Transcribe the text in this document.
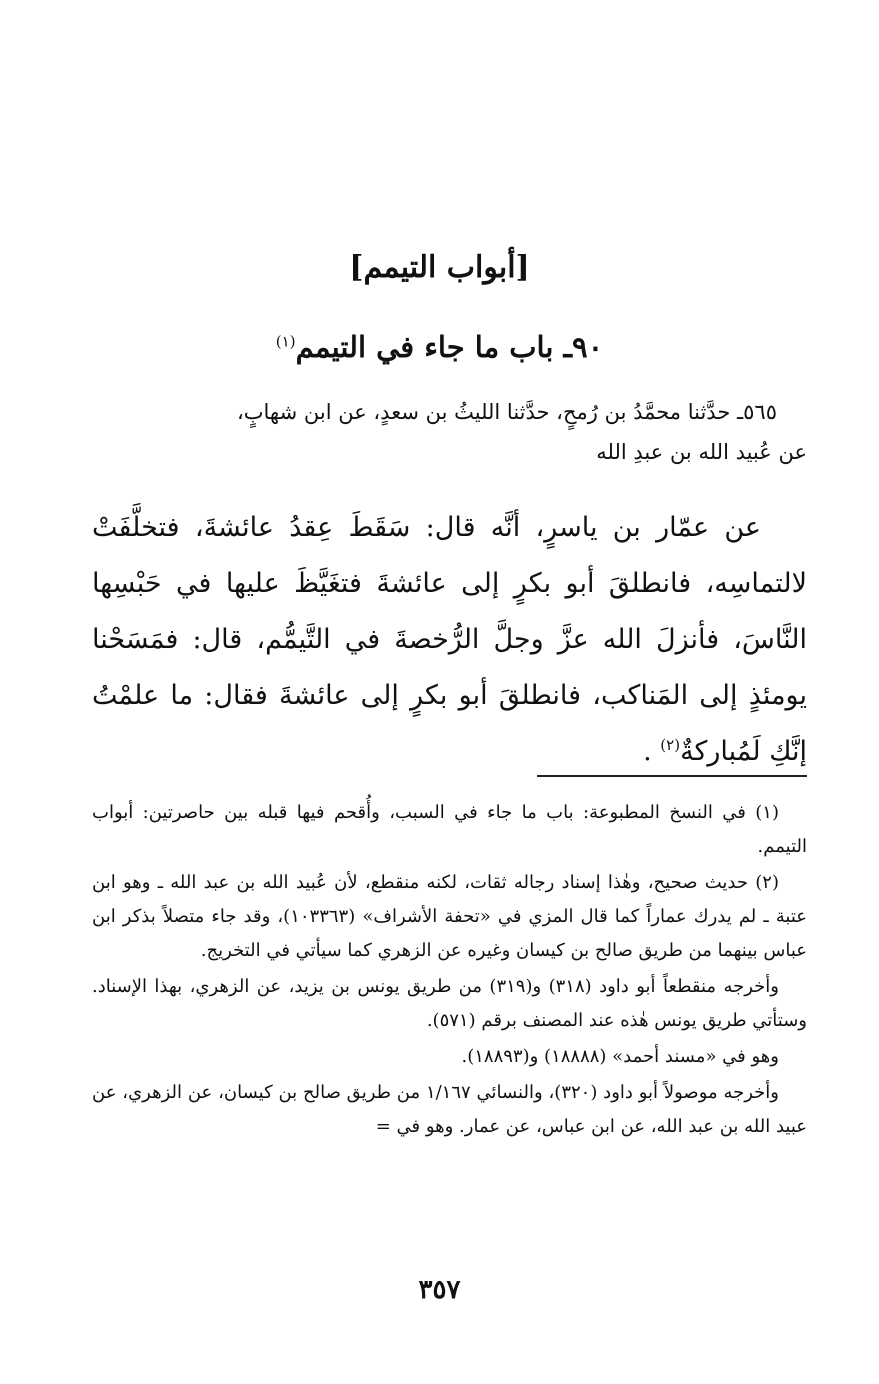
[أبواب التيمم]
٩٠ـ باب ما جاء في التيمم$^{(١)}$

٥٦٥ـ حدَّثنا محمَّدُ بن رُمحٍ، حدَّثنا الليثُ بن سعدٍ، عن ابن شهابٍ،

عن عُبيد الله بن عبدِ الله

عن عمّار بن ياسرٍ، أنَّه قال: سَقَطَ عِقدُ عائشةَ، فتخلَّفَتْ لالتماسِه، فانطلقَ أبو بكرٍ إلى عائشةَ فتغَيَّظَ عليها في حَبْسِها النَّاسَ، فأنزلَ الله عزَّ وجلَّ الرُّخصةَ في التَّيمُّم، قال: فمَسَحْنا يومئذٍ إلى المَناكب، فانطلقَ أبو بكرٍ إلى عائشةَ فقال: ما علمْتُ إنَّكِ لَمُباركةٌ$^{(٢)}$ .

(١) في النسخ المطبوعة: باب ما جاء في السبب، وأُقحم فيها قبله بين حاصرتين: أبواب التيمم.

(٢) حديث صحيح، وهٰذا إسناد رجاله ثقات، لكنه منقطع، لأن عُبيد الله بن عبد الله ـ وهو ابن عتبة ـ لم يدرك عماراً كما قال المزي في «تحفة الأشراف» (١٠٣٣٦٣)، وقد جاء متصلاً بذكر ابن عباس بينهما من طريق صالح بن كيسان وغيره عن الزهري كما سيأتي في التخريج.

وأخرجه منقطعاً أبو داود (٣١٨) و(٣١٩) من طريق يونس بن يزيد، عن الزهري، بهذا الإسناد. وستأتي طريق يونس هٰذه عند المصنف برقم (٥٧١).

وهو في «مسند أحمد» (١٨٨٨٨) و(١٨٨٩٣).

وأخرجه موصولاً أبو داود (٣٢٠)، والنسائي ١/١٦٧ من طريق صالح بن كيسان، عن الزهري، عن عبيد الله بن عبد الله، عن ابن عباس، عن عمار. وهو في =

٣٥٧
